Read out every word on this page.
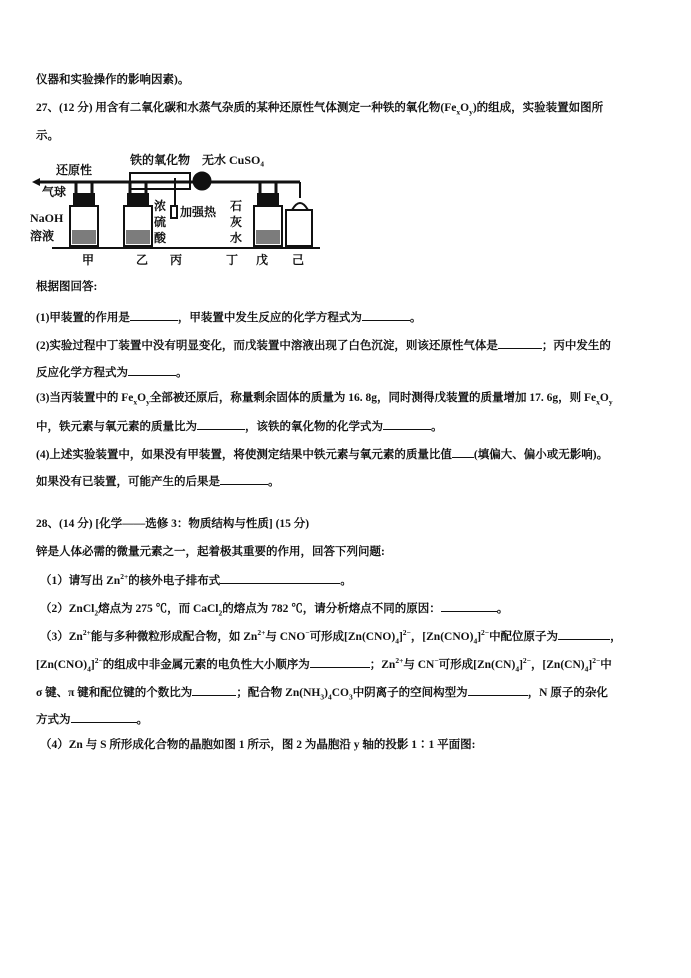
仪器和实验操作的影响因素)。
27、(12 分) 用含有二氧化碳和水蒸气杂质的某种还原性气体测定一种铁的氧化物$(Fe_xO_y)$的组成，实验装置如图所
示。
还原性
气球
NaOH
溶液
铁的氧化物 无水 CuSO₄
浓
硫
酸
加强热 石
灰
水
甲	乙 丙	丁 戊 己
根据图回答:
(1)甲装置的作用是	，甲装置中发生反应的化学方程式为	。
(2)实验过程中丁装置中没有明显变化，而戊装置中溶液出现了白色沉淀，则该还原性气体是	；丙中发生的
反应化学方程式为	。
(3)当丙装置中的 $Fe_xO_y$全部被还原后，称量剩余固体的质量为 16. 8g，同时测得戊装置的质量增加 17. 6g，则 $Fe_xO_y$
中，铁元素与氧元素的质量比为	，该铁的氧化物的化学式为	。
(4)上述实验装置中，如果没有甲装置，将使测定结果中铁元素与氧元素的质量比值 (填偏大、偏小或无影响)。
如果没有已装置，可能产生的后果是	。
28、(14 分) [化学——选修 3：物质结构与性质] (15 分)
锌是人体必需的微量元素之一，起着极其重要的作用，回答下列问题:
（1）请写出 $Zn^{2+}$的核外电子排布式	。
（2）ZnCl$_2$熔点为 275 ℃，而 CaCl$_2$的熔点为 782 ℃，请分析熔点不同的原因：	。
$(3)Zn^{2+}$能与多种微粒形成配合物，如 $Zn^{2+}$与 CNO−可形成$[Zn(CNO)_4]^{2-}$，$[Zn(CNO)_4]^{2-}$中配位原子为	，
$[Zn(CNO)_4]^{2-}$的组成中非金属元素的电负性大小顺序为	；$Zn^{2+}$与 CN−可形成$[Zn(CN)_4]^{2-}$，$[Zn(CN)_4]^{2-}$中
σ 键、π 键和配位键的个数比为	；配合物 $Zn(NH_3)_4CO_3$中阴离子的空间构型为	，N 原子的杂化
方式为	。
（4）Zn 与 S 所形成化合物的晶胞如图 1 所示，图 2 为晶胞沿 y 轴的投影 1∶1 平面图:
